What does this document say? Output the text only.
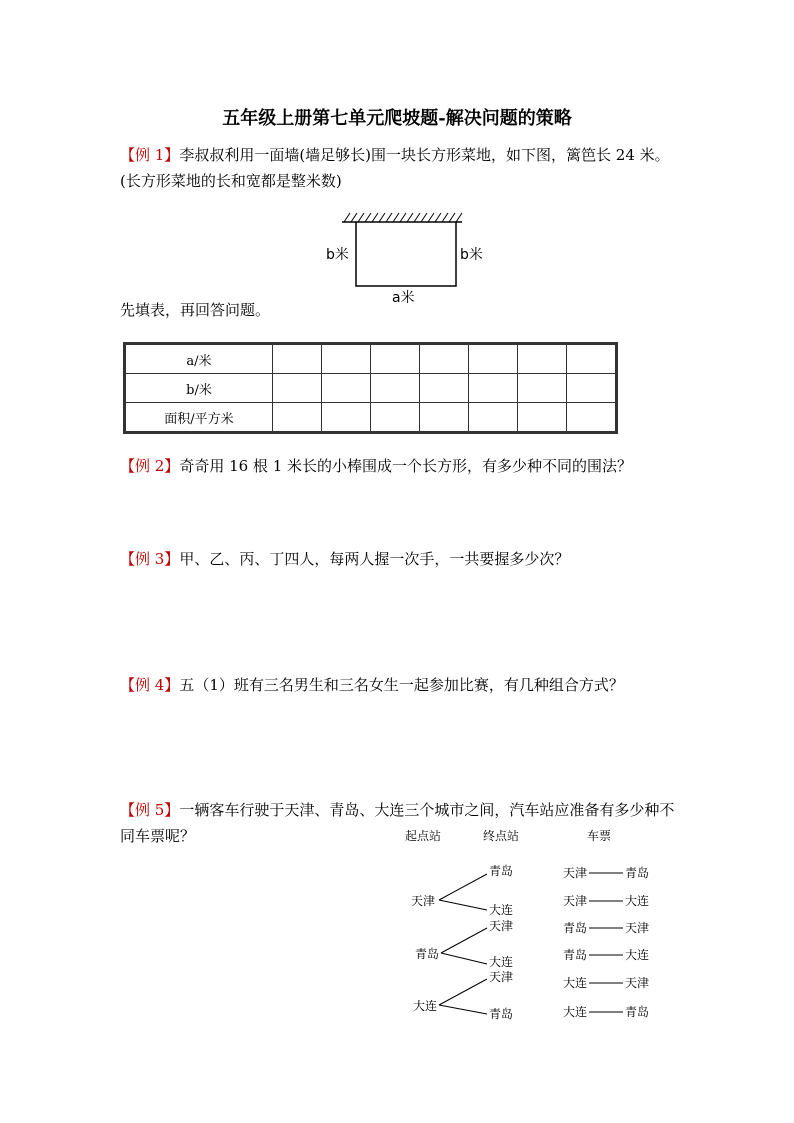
五年级上册第七单元爬坡题-解决问题的策略
【例 1】李叔叔利用一面墙(墙足够长)围一块长方形菜地，如下图，篱笆长 24 米。(长方形菜地的长和宽都是整米数)
b米	b米
a米
先填表，再回答问题。
a/米							
b/米							
面积/平方米							
【例 2】奇奇用 16 根 1 米长的小棒围成一个长方形，有多少种不同的围法？
【例 3】甲、乙、丙、丁四人，每两人握一次手，一共要握多少次？
【例 4】五（1）班有三名男生和三名女生一起参加比赛，有几种组合方式？
【例 5】一辆客车行驶于天津、青岛、大连三个城市之间，汽车站应准备有多少种不同车票呢？	起点站	终点站	车票
天津
青岛
大连
青岛
大连
天津
大连
天津
青岛
天津	青岛
天津	大连
青岛	天津
青岛	大连
大连	天津
大连	青岛
